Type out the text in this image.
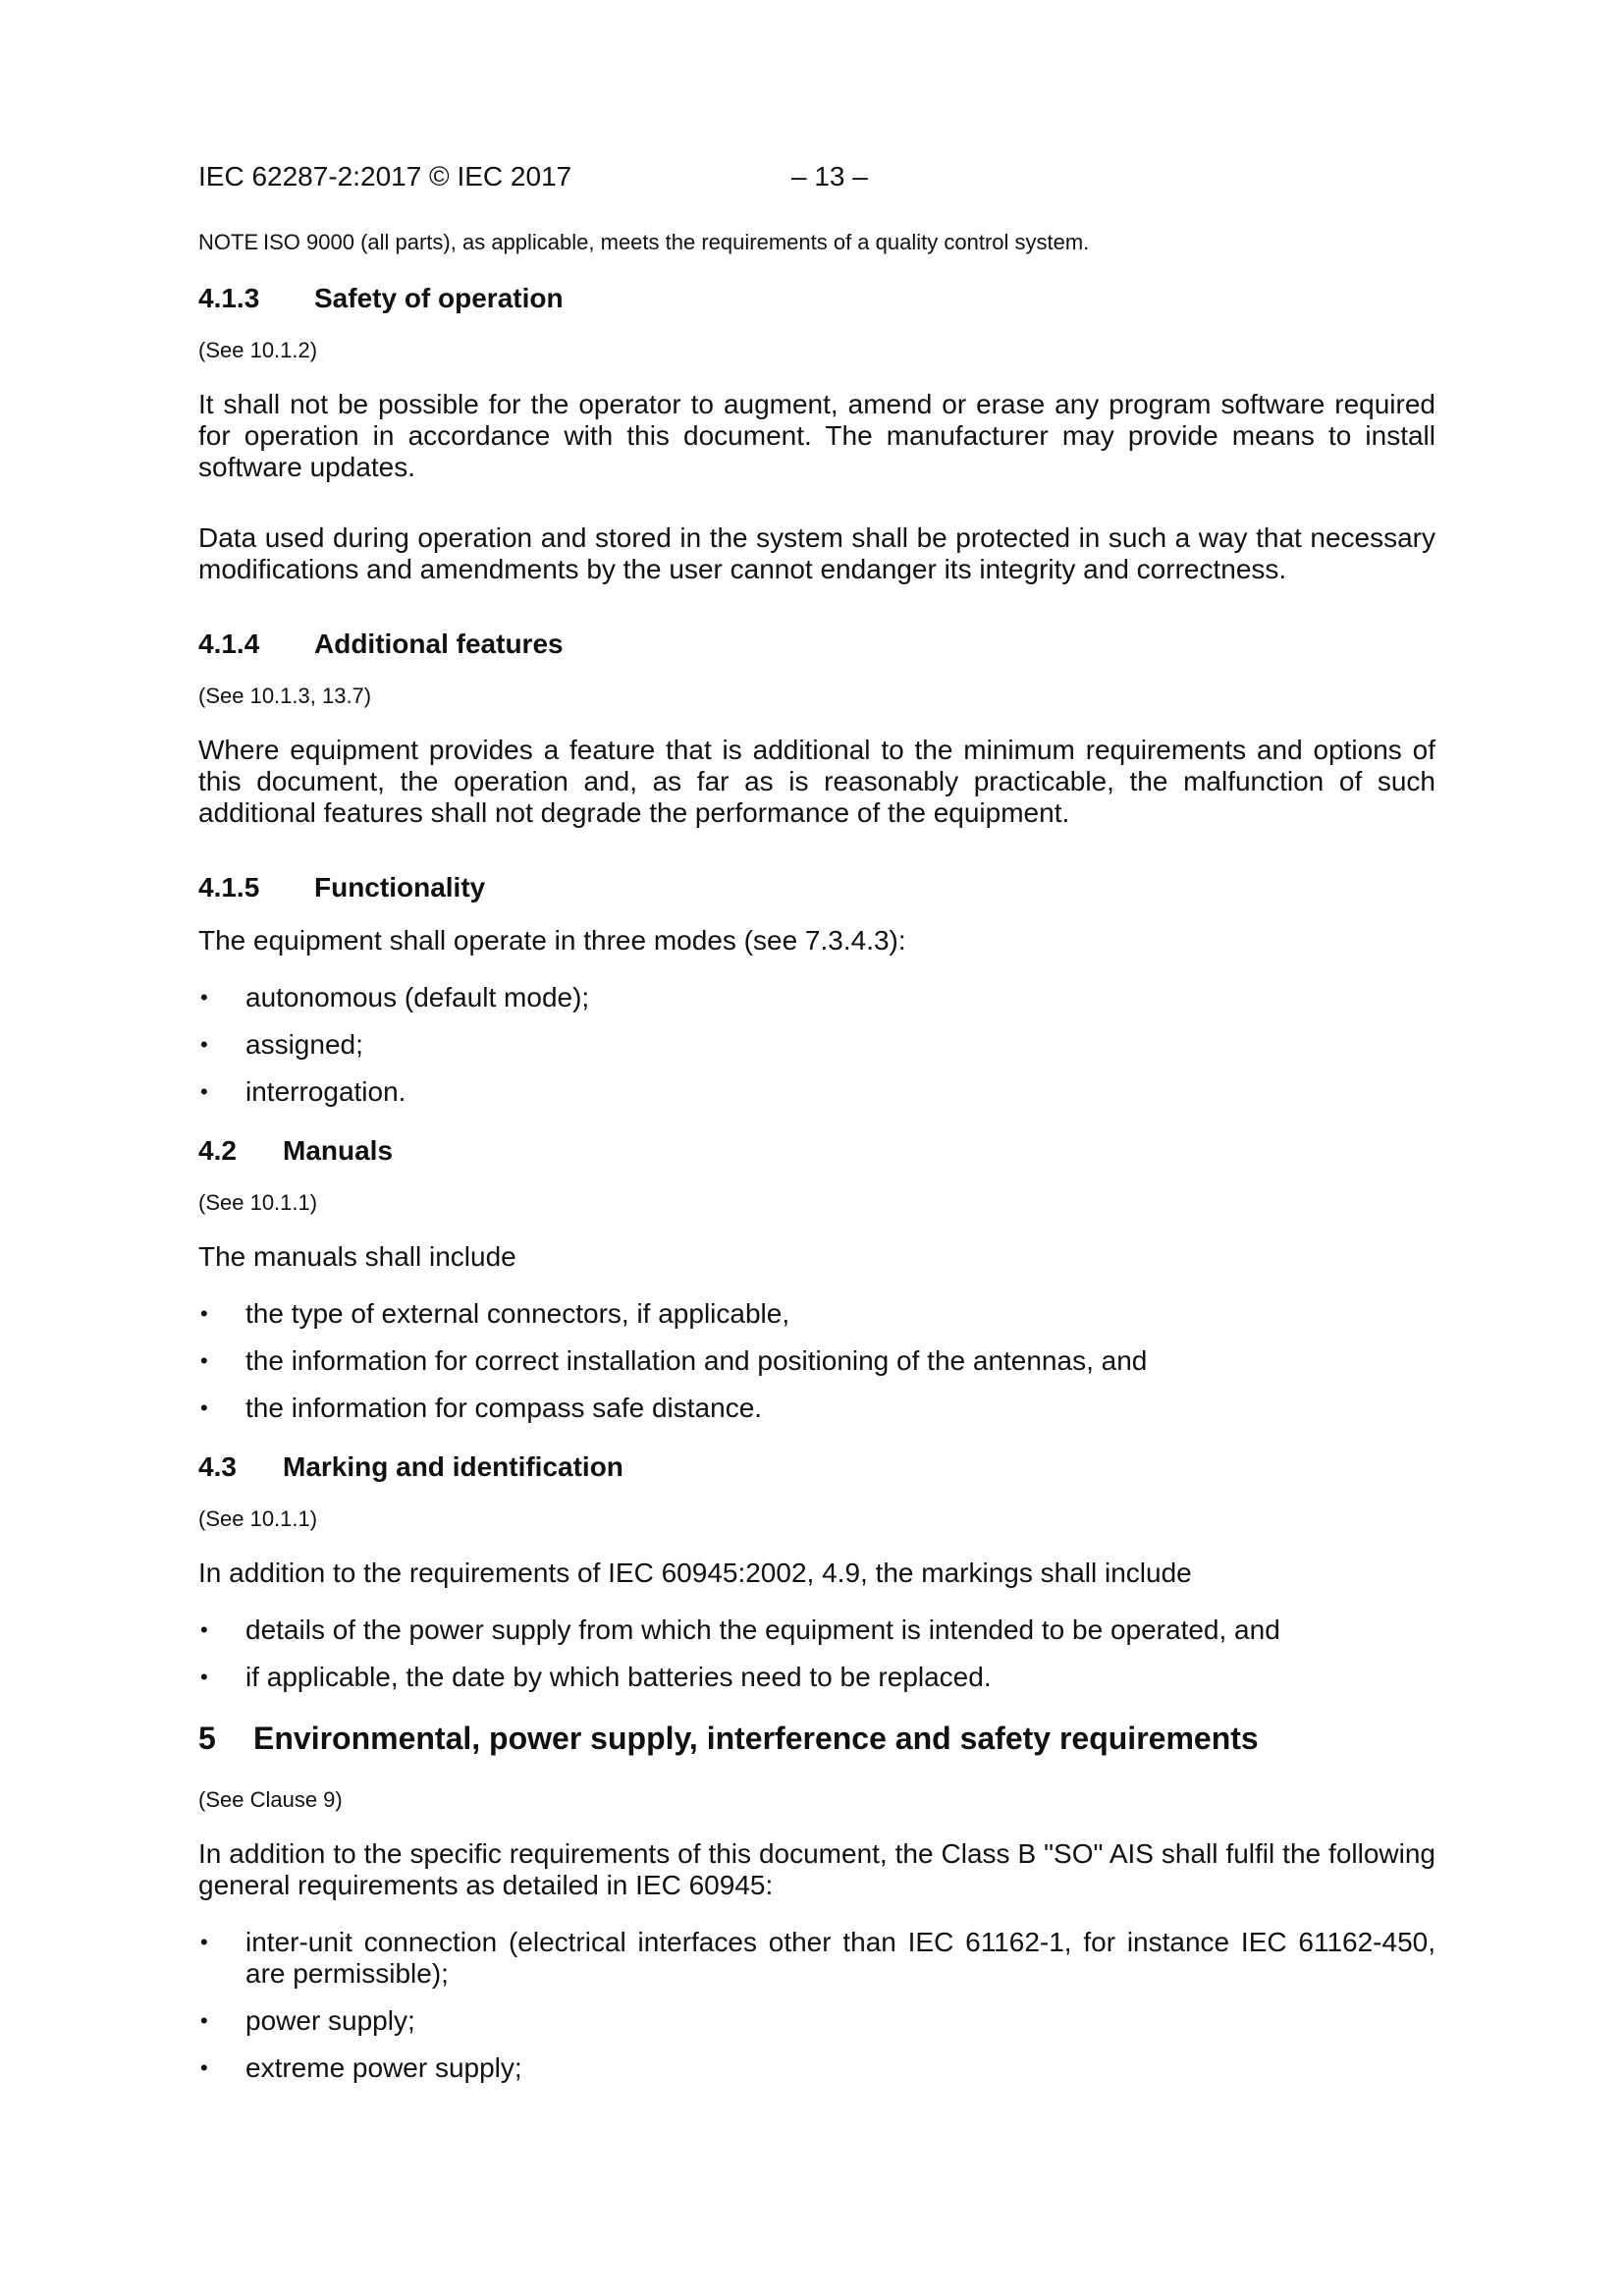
IEC 62287-2:2017 © IEC 2017	– 13 –
NOTE ISO 9000 (all parts), as applicable, meets the requirements of a quality control system.
4.1.3	Safety of operation
(See 10.1.2)

It shall not be possible for the operator to augment, amend or erase any program software required for operation in accordance with this document. The manufacturer may provide means to install software updates.

Data used during operation and stored in the system shall be protected in such a way that necessary modifications and amendments by the user cannot endanger its integrity and correctness.

4.1.4	Additional features
(See 10.1.3, 13.7)

Where equipment provides a feature that is additional to the minimum requirements and options of this document, the operation and, as far as is reasonably practicable, the malfunction of such additional features shall not degrade the performance of the equipment.

4.1.5	Functionality

The equipment shall operate in three modes (see 7.3.4.3):

•	autonomous (default mode);
•	assigned;
•	interrogation.
4.2	Manuals
(See 10.1.1)

The manuals shall include

•	the type of external connectors, if applicable,
•	the information for correct installation and positioning of the antennas, and
•	the information for compass safe distance.
4.3	Marking and identification
(See 10.1.1)

In addition to the requirements of IEC 60945:2002, 4.9, the markings shall include

•	details of the power supply from which the equipment is intended to be operated, and
•	if applicable, the date by which batteries need to be replaced.
5	Environmental, power supply, interference and safety requirements
(See Clause 9)

In addition to the specific requirements of this document, the Class B "SO" AIS shall fulfil the following general requirements as detailed in IEC 60945:

•	inter-unit connection (electrical interfaces other than IEC 61162-1, for instance IEC 61162-450, are permissible);
•	power supply;
•	extreme power supply;
